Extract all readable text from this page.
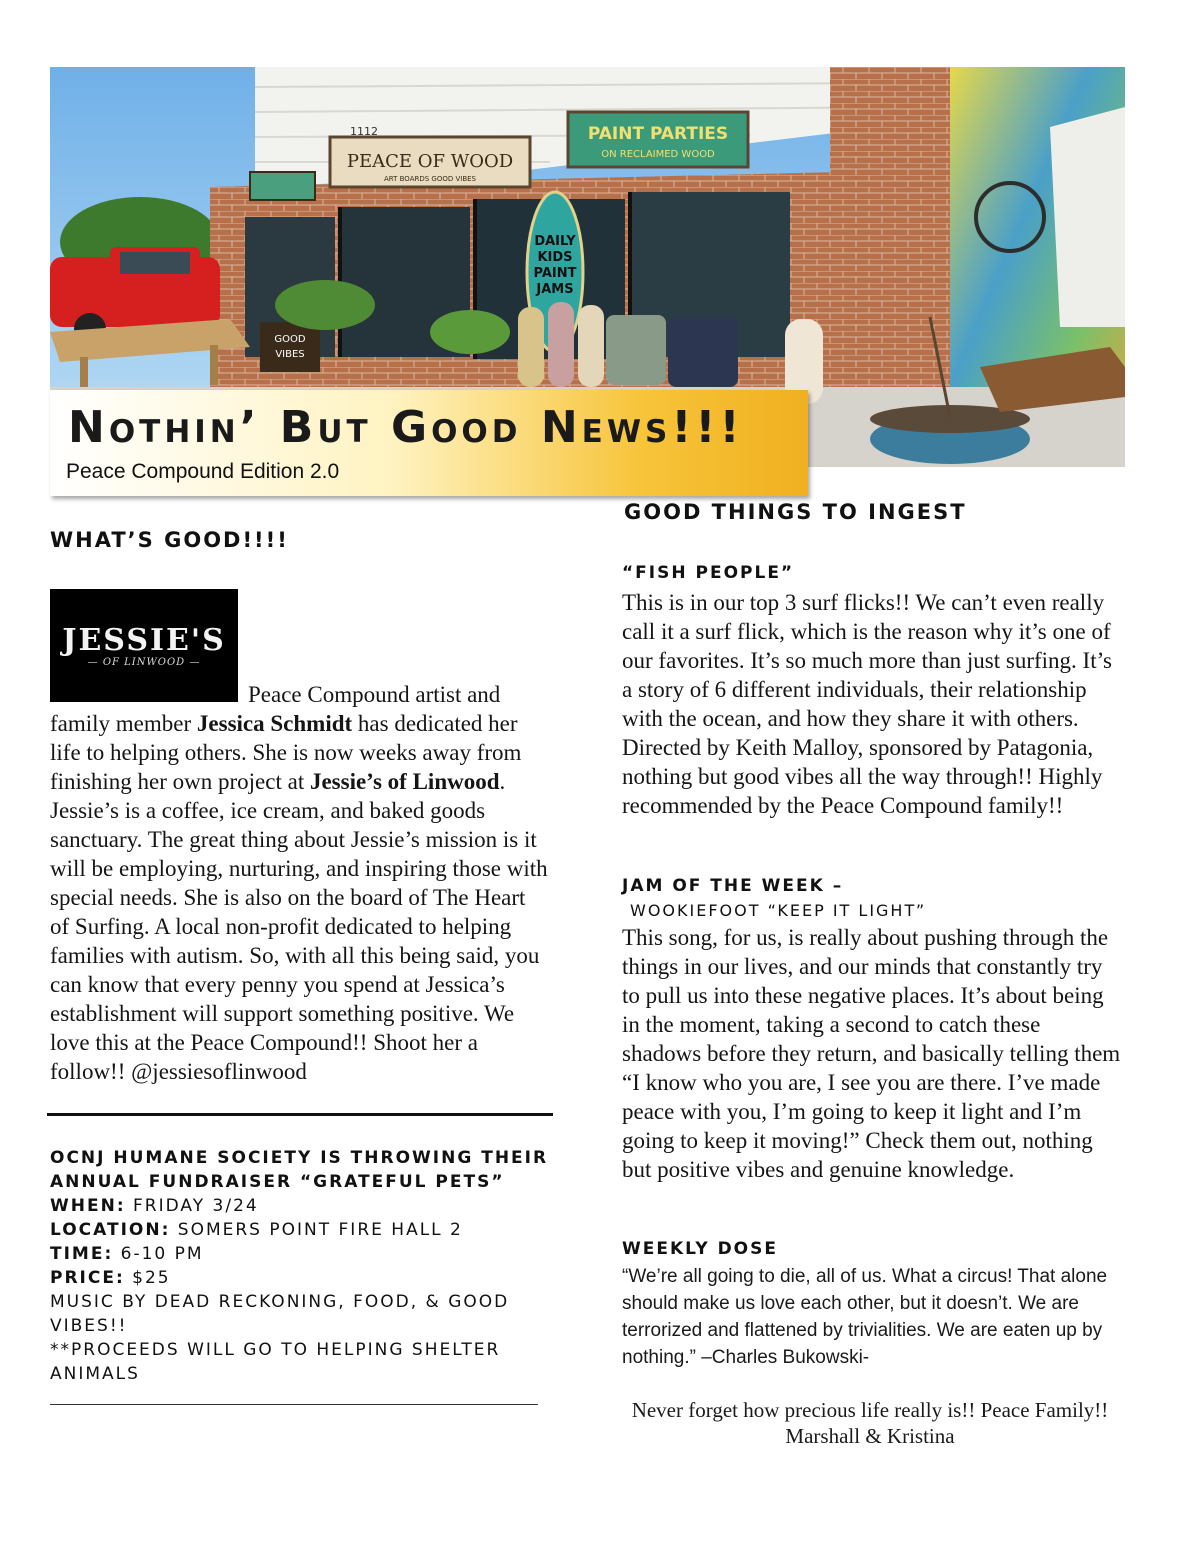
PEACE OF WOOD
ART BOARDS GOOD VIBES
PAINT PARTIES
ON RECLAIMED WOOD
1112
DAILY
KIDS
PAINT
JAMS
GOOD
VIBES
Nothin’ But Good News!!!
Peace Compound Edition 2.0
WHAT’S GOOD!!!!
JESSIE'S
— OF LINWOOD —
Peace Compound artist and family member Jessica Schmidt has dedicated her life to helping others. She is now weeks away from finishing her own project at Jessie’s of Linwood. Jessie’s is a coffee, ice cream, and baked goods sanctuary. The great thing about Jessie’s mission is it will be employing, nurturing, and inspiring those with special needs. She is also on the board of The Heart of Surfing. A local non-profit dedicated to helping families with autism. So, with all this being said, you can know that every penny you spend at Jessica’s establishment will support something positive. We love this at the Peace Compound!! Shoot her a follow!! @jessiesoflinwood
OCNJ HUMANE SOCIETY IS THROWING THEIR
ANNUAL FUNDRAISER “GRATEFUL PETS”
WHEN: FRIDAY 3/24
LOCATION: SOMERS POINT FIRE HALL 2
TIME: 6-10 PM
PRICE: $25
MUSIC BY DEAD RECKONING, FOOD, & GOOD
VIBES!!
**PROCEEDS WILL GO TO HELPING SHELTER
ANIMALS
GOOD THINGS TO INGEST
“FISH PEOPLE”
This is in our top 3 surf flicks!! We can’t even really call it a surf flick, which is the reason why it’s one of our favorites. It’s so much more than just surfing. It’s a story of 6 different individuals, their relationship with the ocean, and how they share it with others. Directed by Keith Malloy, sponsored by Patagonia, nothing but good vibes all the way through!! Highly recommended by the Peace Compound family!!
JAM OF THE WEEK –
WOOKIEFOOT “KEEP IT LIGHT”
This song, for us, is really about pushing through the things in our lives, and our minds that constantly try to pull us into these negative places. It’s about being in the moment, taking a second to catch these shadows before they return, and basically telling them “I know who you are, I see you are there. I’ve made peace with you, I’m going to keep it light and I’m going to keep it moving!” Check them out, nothing but positive vibes and genuine knowledge.
WEEKLY DOSE
“We’re all going to die, all of us. What a circus! That alone should make us love each other, but it doesn’t. We are terrorized and flattened by trivialities. We are eaten up by nothing.” –Charles Bukowski-
Never forget how precious life really is!! Peace Family!!
Marshall & Kristina
